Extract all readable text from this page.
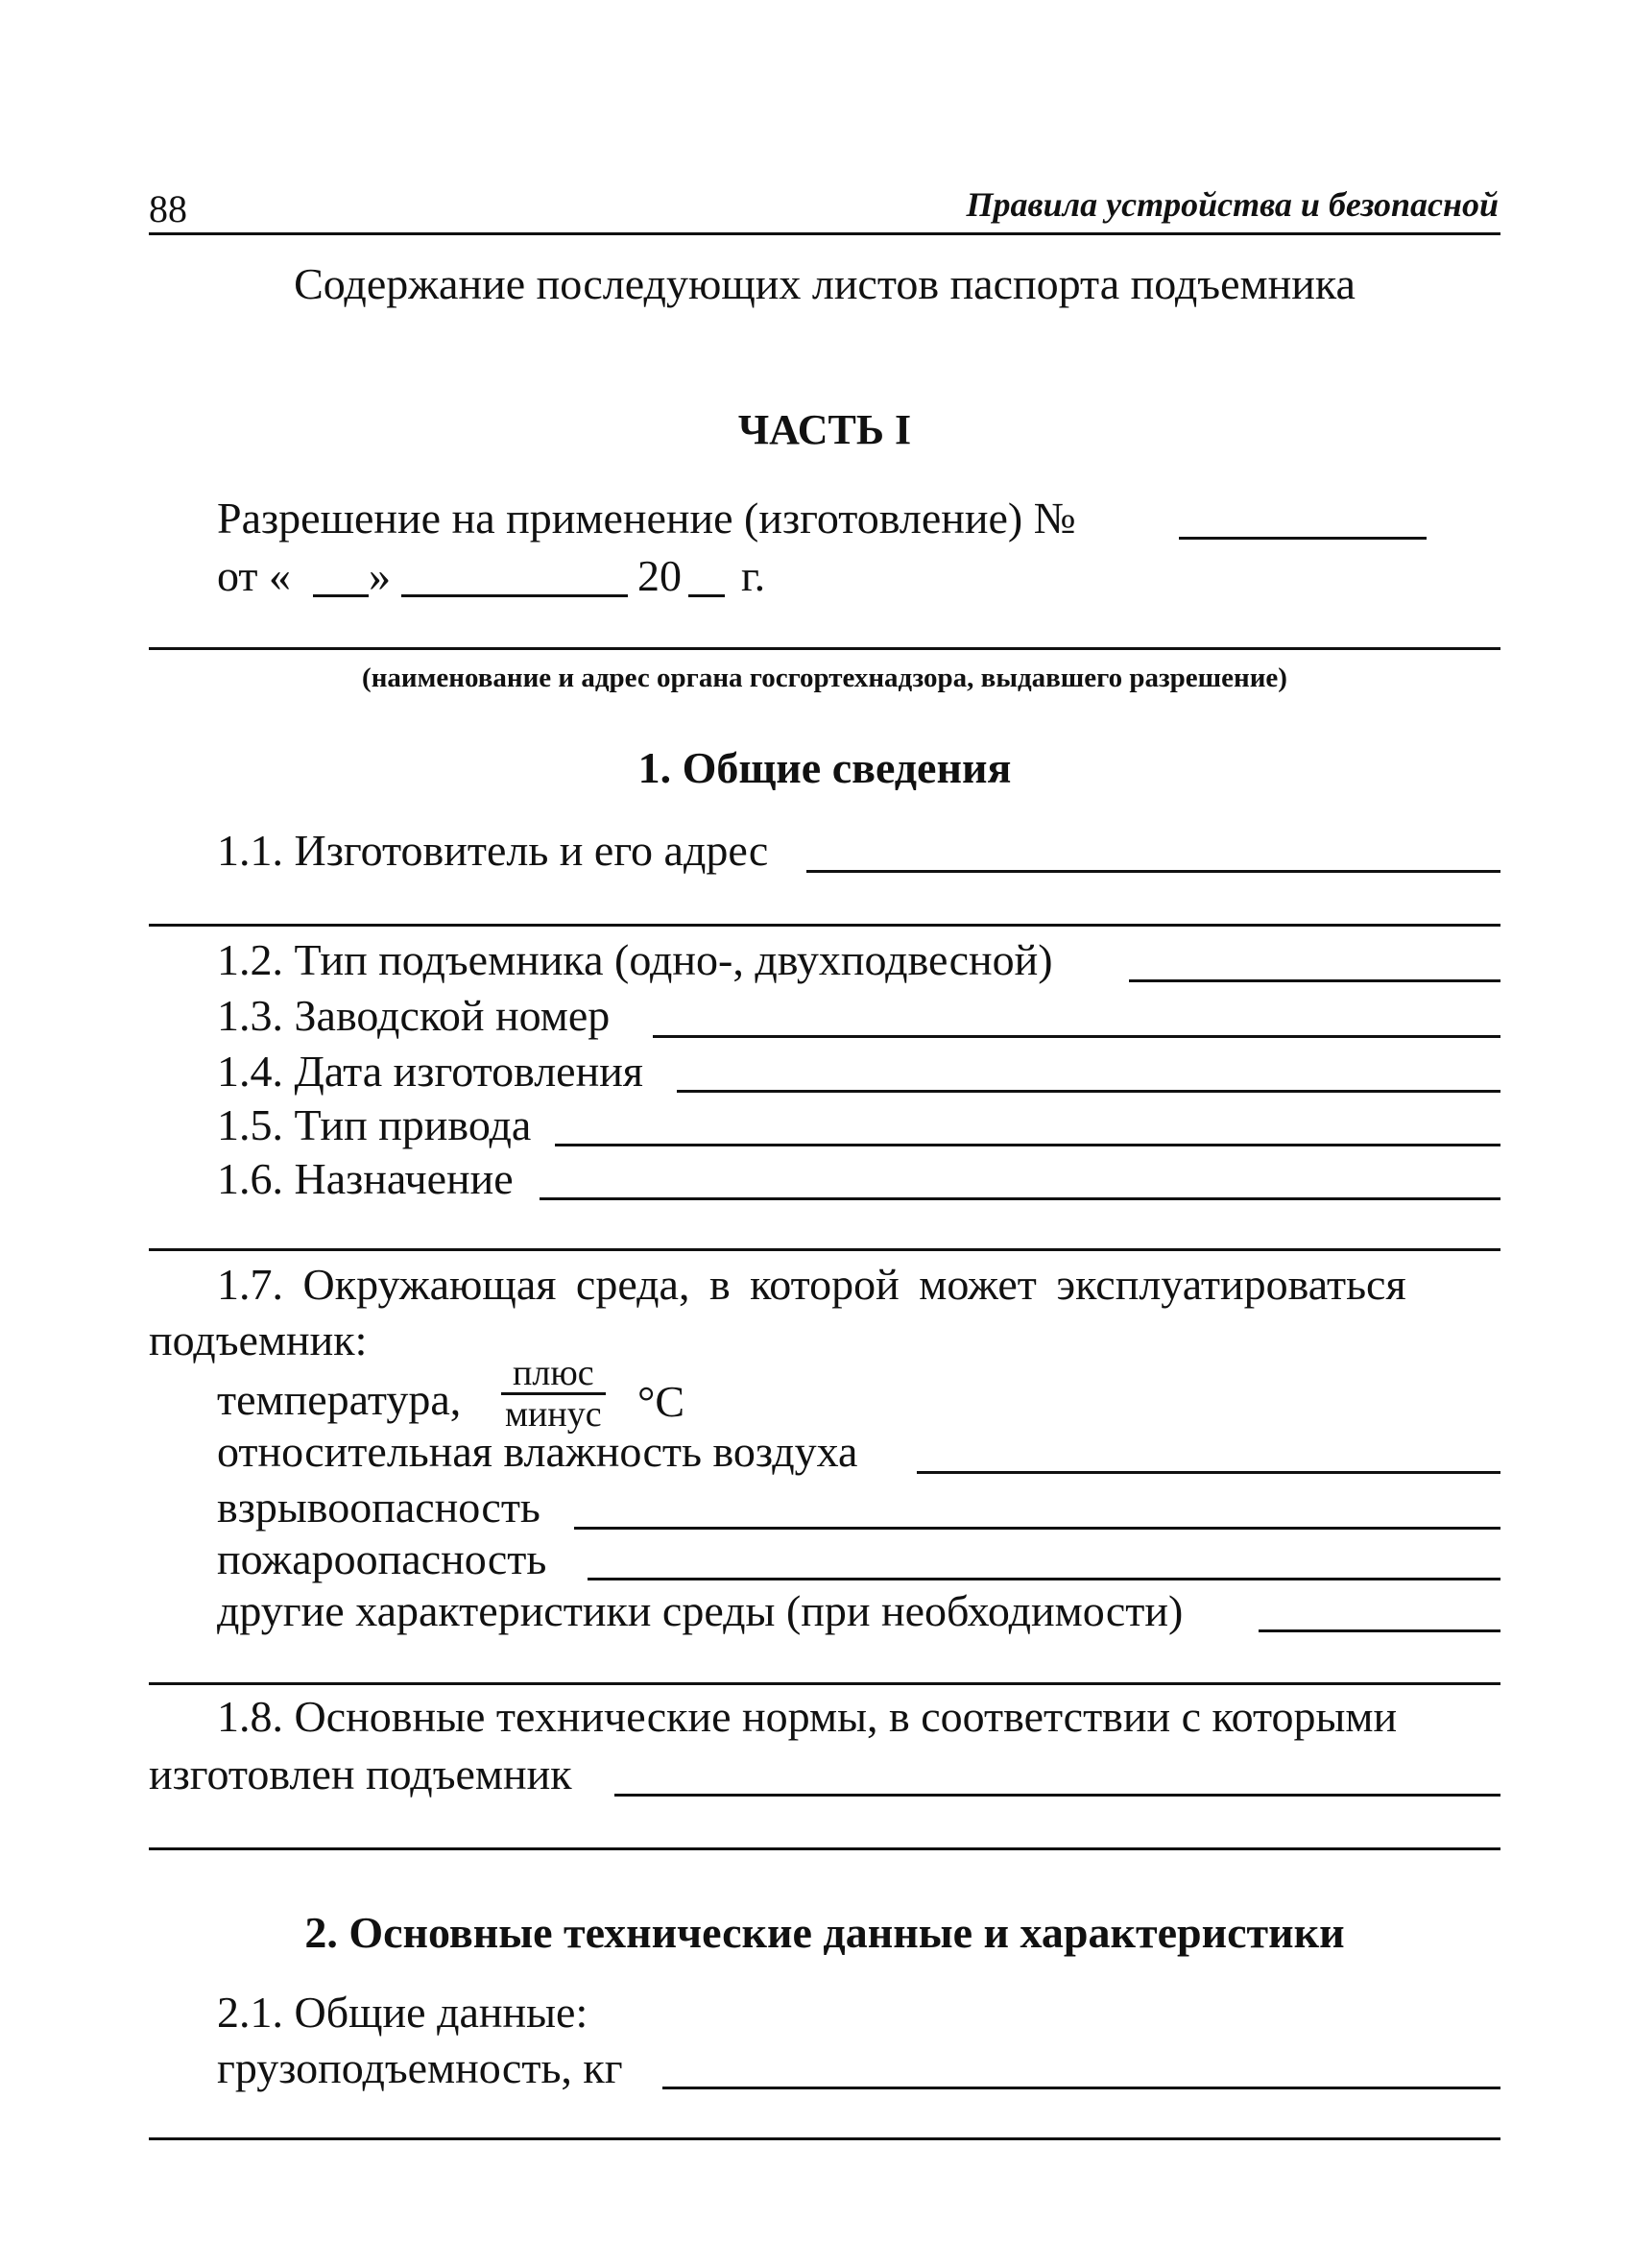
88	Правила устройства и безопасной
Содержание последующих листов паспорта подъемника
ЧАСТЬ I
Разрешение на применение (изготовление) №
от « »	20 г.
(наименование и адрес органа госгортехнадзора, выдавшего разрешение)
1. Общие сведения
1.1. Изготовитель и его адрес
1.2. Тип подъемника (одно-, двухподвесной)
1.3. Заводской номер
1.4. Дата изготовления
1.5. Тип привода
1.6. Назначение
1.7. Окружающая среда, в которой может эксплуатироваться
подъемник:
температура,
плюс
минус °C
относительная влажность воздуха
взрывоопасность
пожароопасность
другие характеристики среды (при необходимости)
1.8. Основные технические нормы, в соответствии с которыми
изготовлен подъемник
2. Основные технические данные и характеристики
2.1. Общие данные:
грузоподъемность, кг
